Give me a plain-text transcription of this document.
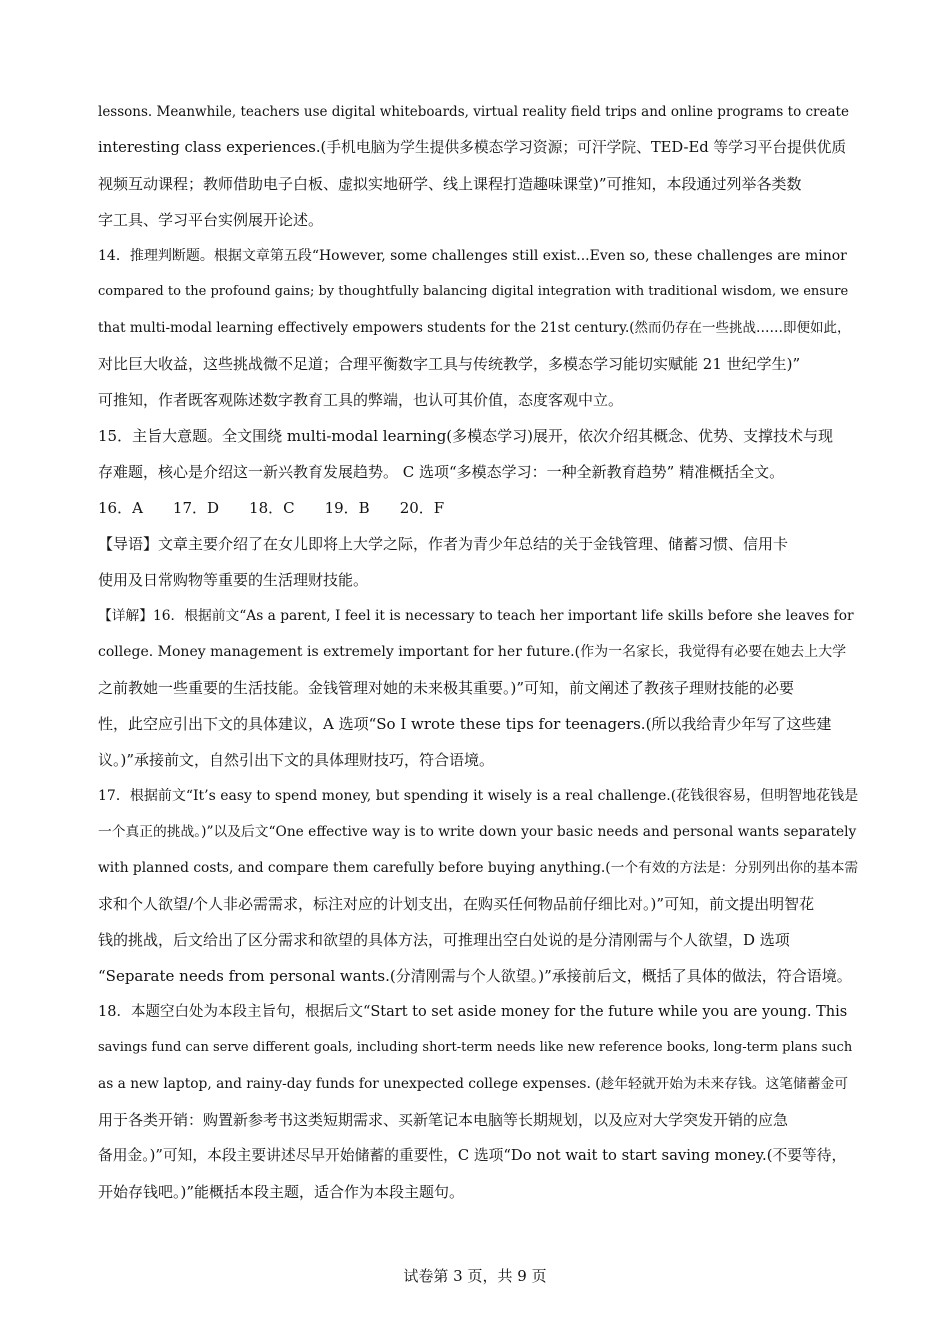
lessons. Meanwhile, teachers use digital whiteboards, virtual reality field trips and online programs to create
interesting class experiences.(手机电脑为学生提供多模态学习资源；可汗学院、TED-Ed 等学习平台提供优质
视频互动课程；教师借助电子白板、虚拟实地研学、线上课程打造趣味课堂)”可推知，本段通过列举各类数
字工具、学习平台实例展开论述。
14．推理判断题。根据文章第五段“However, some challenges still exist...Even so, these challenges are minor
compared to the profound gains; by thoughtfully balancing digital integration with traditional wisdom, we ensure
that multi-modal learning effectively empowers students for the 21st century.(然而仍存在一些挑战……即便如此，
对比巨大收益，这些挑战微不足道；合理平衡数字工具与传统教学，多模态学习能切实赋能 21 世纪学生)”
可推知，作者既客观陈述数字教育工具的弊端，也认可其价值，态度客观中立。
15．主旨大意题。全文围绕 multi-modal learning(多模态学习)展开，依次介绍其概念、优势、支撑技术与现
存难题，核心是介绍这一新兴教育发展趋势。 C 选项“多模态学习：一种全新教育趋势” 精准概括全文。
16．A　　17．D　　18．C　　19．B　　20．F
【导语】文章主要介绍了在女儿即将上大学之际，作者为青少年总结的关于金钱管理、储蓄习惯、信用卡
使用及日常购物等重要的生活理财技能。
【详解】16．根据前文“As a parent, I feel it is necessary to teach her important life skills before she leaves for
college. Money management is extremely important for her future.(作为一名家长，我觉得有必要在她去上大学
之前教她一些重要的生活技能。金钱管理对她的未来极其重要。)”可知，前文阐述了教孩子理财技能的必要
性，此空应引出下文的具体建议，A 选项“So I wrote these tips for teenagers.(所以我给青少年写了这些建
议。)”承接前文，自然引出下文的具体理财技巧，符合语境。
17．根据前文“It’s easy to spend money, but spending it wisely is a real challenge.(花钱很容易，但明智地花钱是
一个真正的挑战。)”以及后文“One effective way is to write down your basic needs and personal wants separately
with planned costs, and compare them carefully before buying anything.(一个有效的方法是：分别列出你的基本需
求和个人欲望/个人非必需需求，标注对应的计划支出，在购买任何物品前仔细比对。)”可知，前文提出明智花
钱的挑战，后文给出了区分需求和欲望的具体方法，可推理出空白处说的是分清刚需与个人欲望，D 选项
“Separate needs from personal wants.(分清刚需与个人欲望。)”承接前后文，概括了具体的做法，符合语境。
18．本题空白处为本段主旨句，根据后文“Start to set aside money for the future while you are young. This
savings fund can serve different goals, including short-term needs like new reference books, long-term plans such
as a new laptop, and rainy-day funds for unexpected college expenses. (趁年轻就开始为未来存钱。这笔储蓄金可
用于各类开销：购置新参考书这类短期需求、买新笔记本电脑等长期规划，以及应对大学突发开销的应急
备用金。)”可知，本段主要讲述尽早开始储蓄的重要性，C 选项“Do not wait to start saving money.(不要等待，
开始存钱吧。)”能概括本段主题，适合作为本段主题句。
试卷第 3 页，共 9 页
